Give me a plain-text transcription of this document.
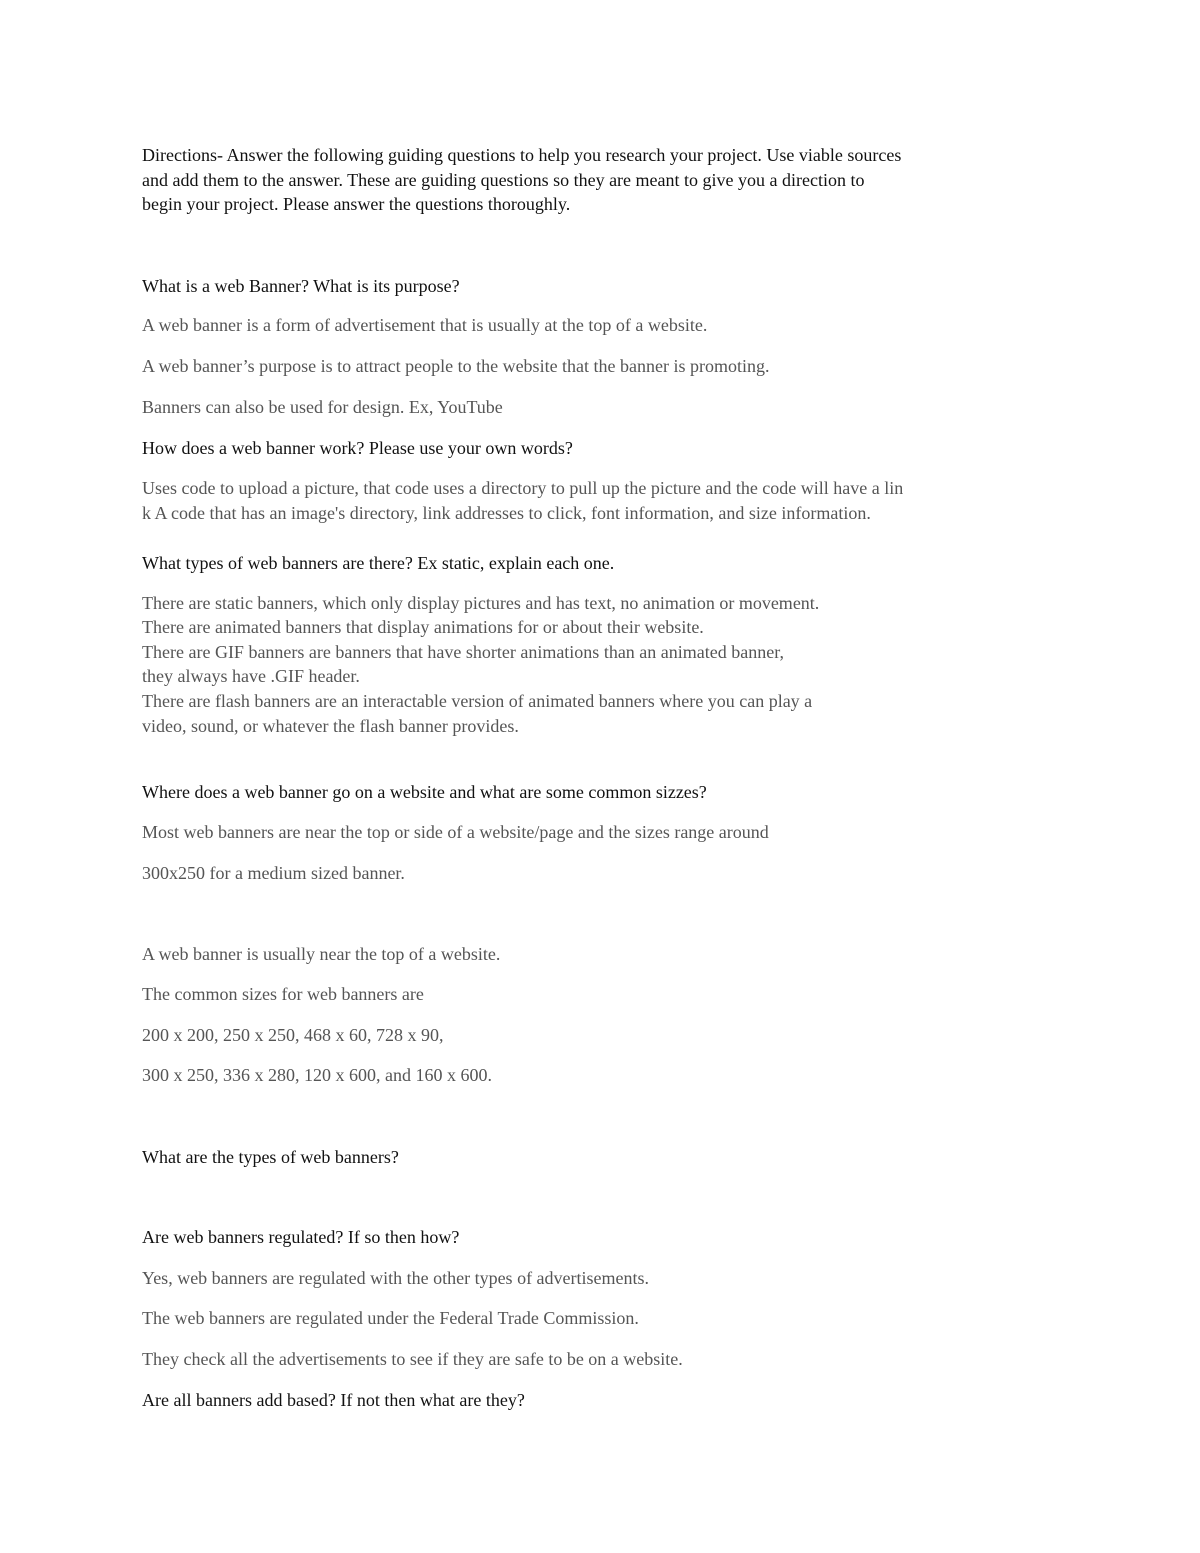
Directions- Answer the following guiding questions to help you research your project. Use viable sources
and add them to the answer. These are guiding questions so they are meant to give you a direction to
begin your project. Please answer the questions thoroughly.
What is a web Banner? What is its purpose?
A web banner is a form of advertisement that is usually at the top of a website.
A web banner’s purpose is to attract people to the website that the banner is promoting.
Banners can also be used for design. Ex, YouTube
How does a web banner work? Please use your own words?
Uses code to upload a picture, that code uses a directory to pull up the picture and the code will have a lin
k A code that has an image's directory, link addresses to click, font information, and size information.
What types of web banners are there? Ex static, explain each one.
There are static banners, which only display pictures and has text, no animation or movement.
There are animated banners that display animations for or about their website.
There are GIF banners are banners that have shorter animations than an animated banner,
they always have .GIF header.
There are flash banners are an interactable version of animated banners where you can play a
video, sound, or whatever the flash banner provides.
Where does a web banner go on a website and what are some common sizzes?
Most web banners are near the top or side of a website/page and the sizes range around
300x250 for a medium sized banner.
A web banner is usually near the top of a website.
The common sizes for web banners are
200 x 200, 250 x 250, 468 x 60, 728 x 90,
300 x 250, 336 x 280, 120 x 600, and 160 x 600.
What are the types of web banners?
Are web banners regulated? If so then how?
Yes, web banners are regulated with the other types of advertisements.
The web banners are regulated under the Federal Trade Commission.
They check all the advertisements to see if they are safe to be on a website.
Are all banners add based? If not then what are they?
